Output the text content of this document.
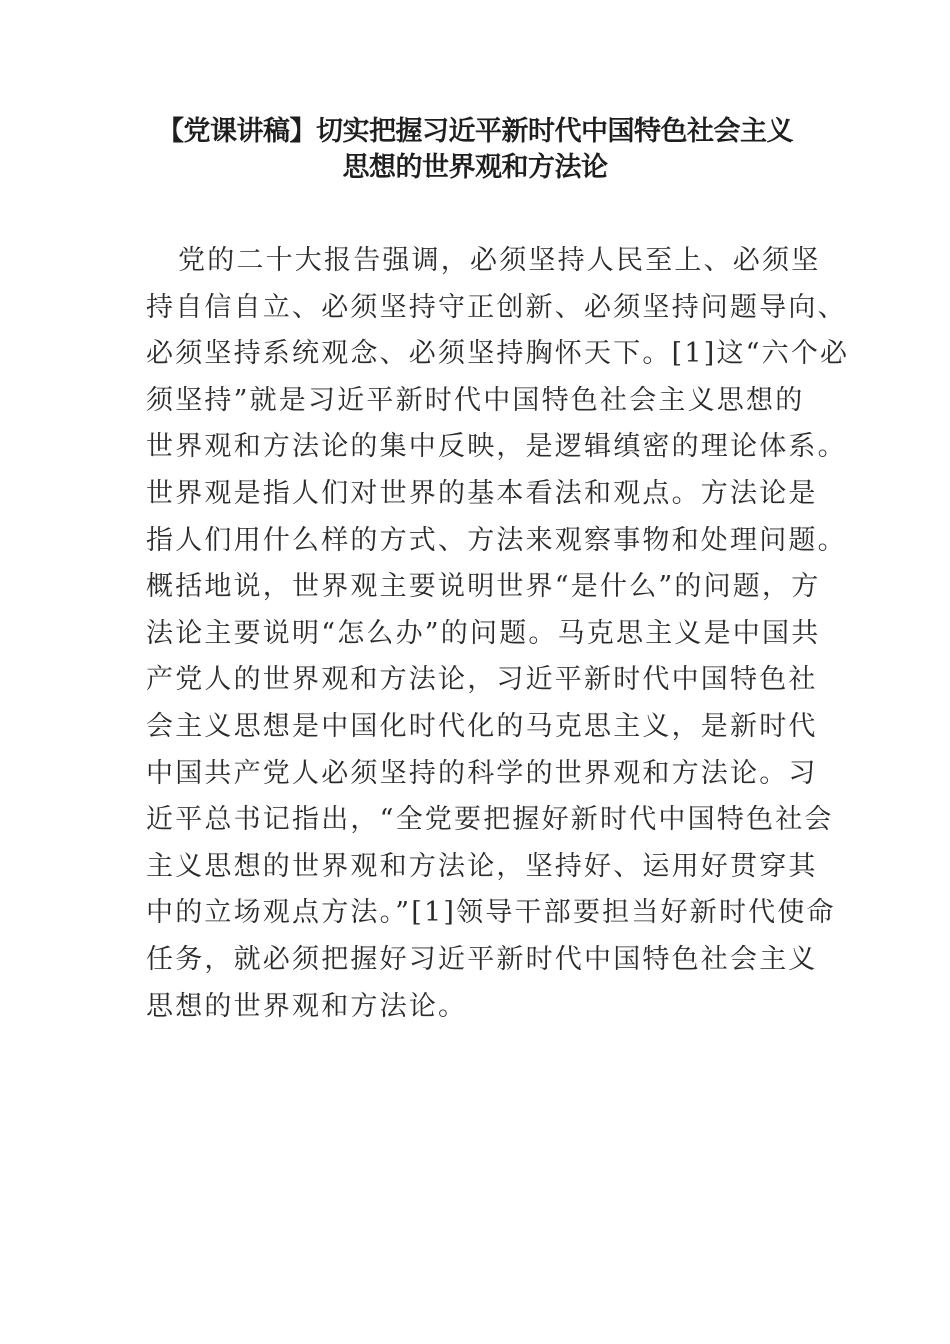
【党课讲稿】切实把握习近平新时代中国特色社会主义
思想的世界观和方法论
党的二十大报告强调，必须坚持人民至上、必须坚
持自信自立、必须坚持守正创新、必须坚持问题导向、
必须坚持系统观念、必须坚持胸怀天下。[1]这“六个必
须坚持”就是习近平新时代中国特色社会主义思想的
世界观和方法论的集中反映，是逻辑缜密的理论体系。
世界观是指人们对世界的基本看法和观点。方法论是
指人们用什么样的方式、方法来观察事物和处理问题。
概括地说，世界观主要说明世界“是什么”的问题，方
法论主要说明“怎么办”的问题。马克思主义是中国共
产党人的世界观和方法论，习近平新时代中国特色社
会主义思想是中国化时代化的马克思主义，是新时代
中国共产党人必须坚持的科学的世界观和方法论。习
近平总书记指出，“全党要把握好新时代中国特色社会
主义思想的世界观和方法论，坚持好、运用好贯穿其
中的立场观点方法。”[1]领导干部要担当好新时代使命
任务，就必须把握好习近平新时代中国特色社会主义
思想的世界观和方法论。
